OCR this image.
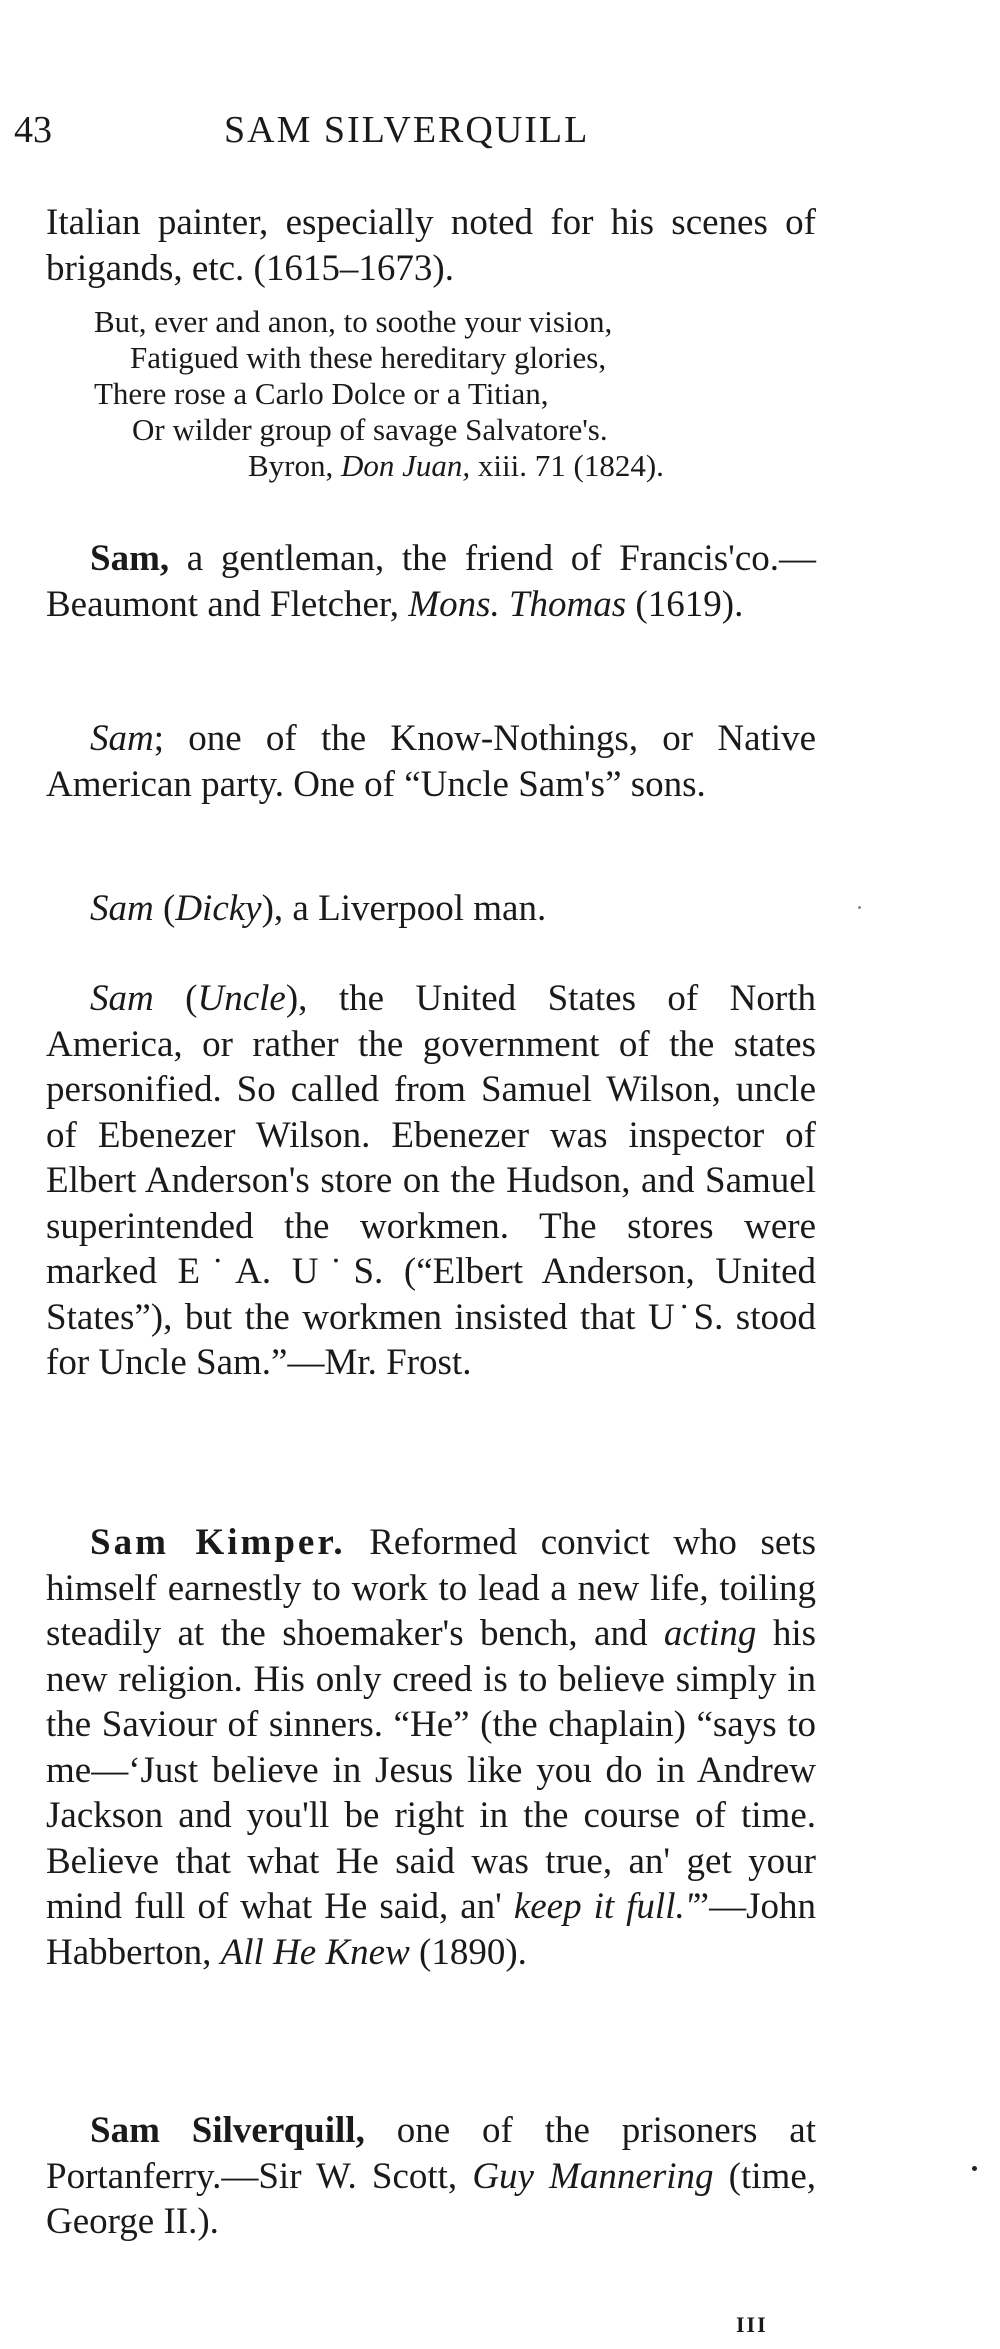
43	SAM SILVERQUILL
Italian painter, especially noted for his scenes of brigands, etc. (1615–1673).
But, ever and anon, to soothe your vision,
Fatigued with these hereditary glories,
There rose a Carlo Dolce or a Titian,
Or wilder group of savage Salvatore's.
Byron, Don Juan, xiii. 71 (1824).

Sam, a gentleman, the friend of Francis'co.—Beaumont and Fletcher, Mons. Thomas (1619).

Sam; one of the Know-Nothings, or Native American party. One of “Uncle Sam's” sons.

Sam (Dicky), a Liverpool man.

Sam (Uncle), the United States of North America, or rather the government of the states personified. So called from Samuel Wilson, uncle of Ebenezer Wilson. Ebenezer was inspector of Elbert Anderson's store on the Hudson, and Samuel superintended the workmen. The stores were marked E˙A. U˙S. (“Elbert Anderson, United States”), but the workmen insisted that U˙S. stood for Uncle Sam.”—Mr. Frost.

Sam Kimper. Reformed convict who sets himself earnestly to work to lead a new life, toiling steadily at the shoemaker's bench, and acting his new religion. His only creed is to believe simply in the Saviour of sinners. “He” (the chaplain) “says to me—‘Just believe in Jesus like you do in Andrew Jackson and you'll be right in the course of time. Believe that what He said was true, an' get your mind full of what He said, an' keep it full.'”—John Habberton, All He Knew (1890).

Sam Silverquill, one of the prisoners at Portanferry.—Sir W. Scott, Guy Mannering (time, George II.).

III
